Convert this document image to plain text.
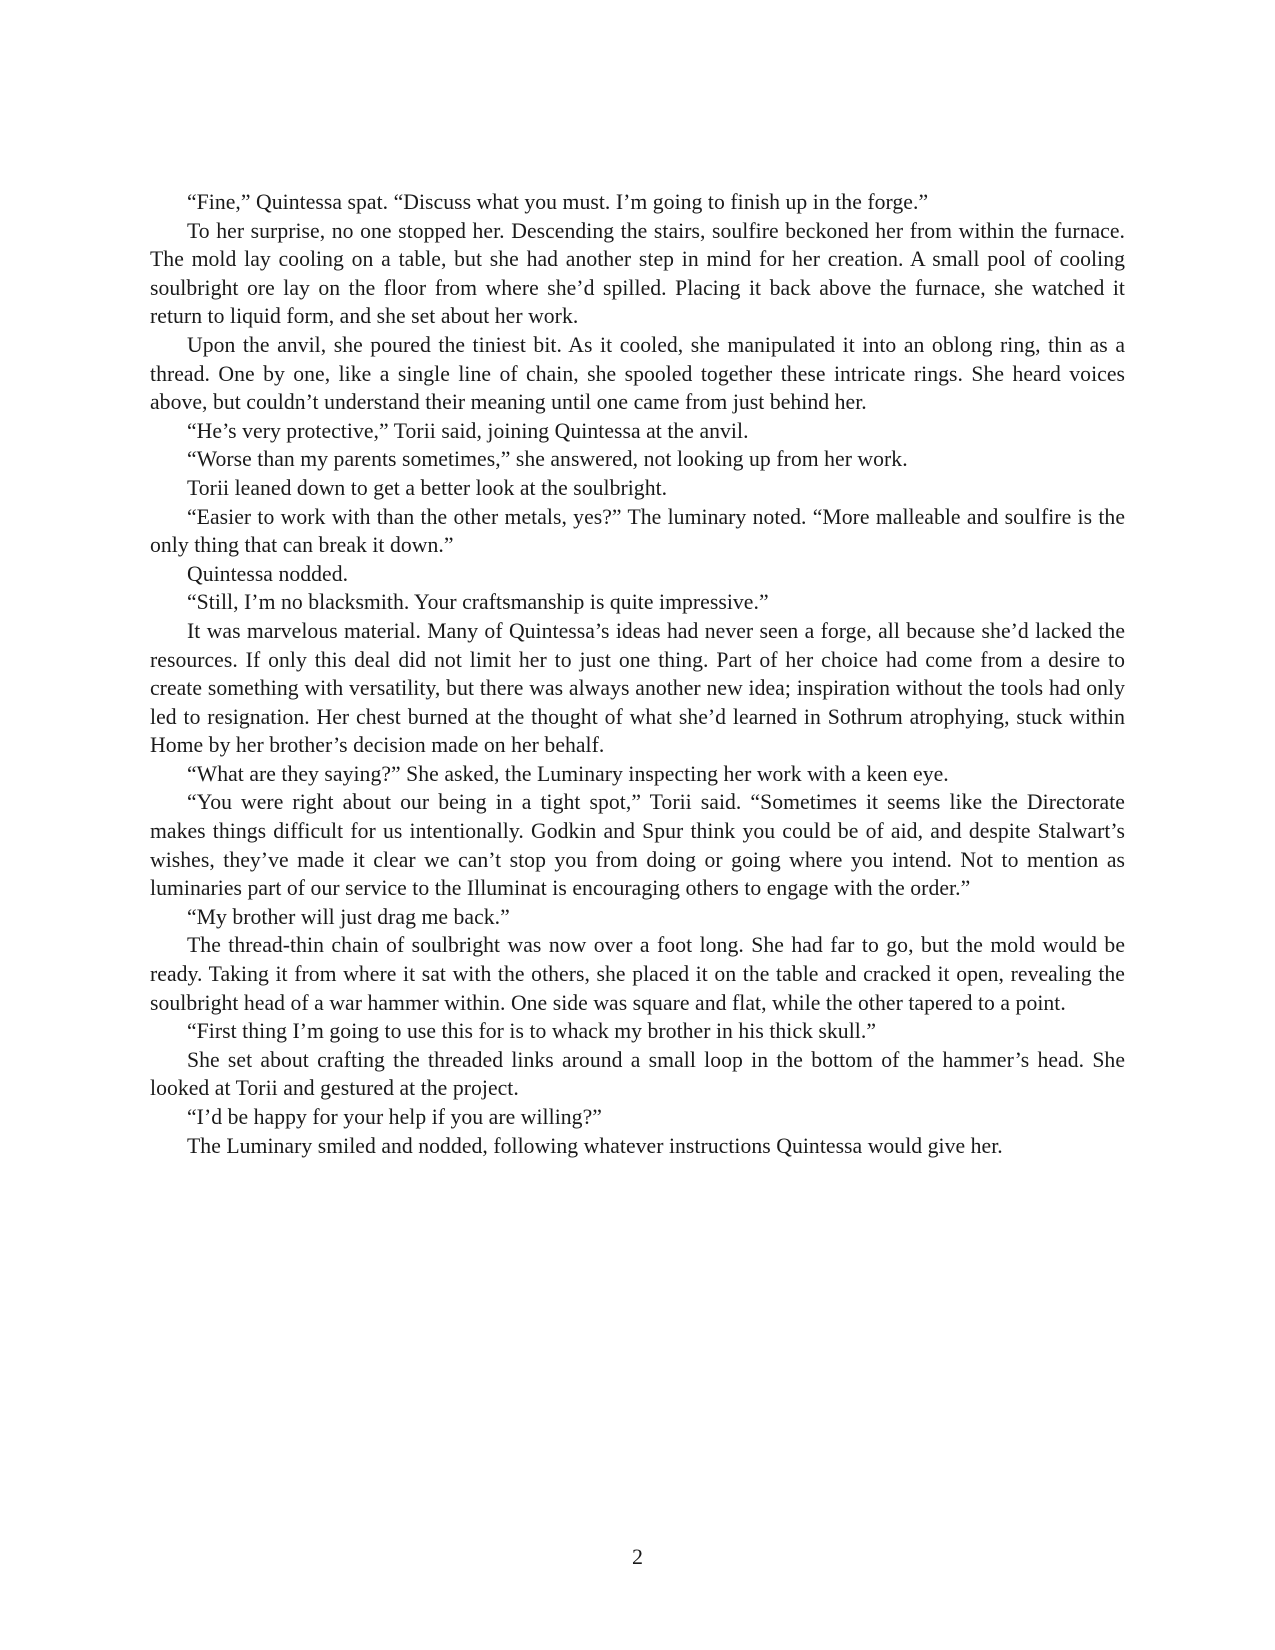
“Fine,” Quintessa spat. “Discuss what you must. I’m going to finish up in the forge.”

To her surprise, no one stopped her. Descending the stairs, soulfire beckoned her from within the furnace. The mold lay cooling on a table, but she had another step in mind for her creation. A small pool of cooling soulbright ore lay on the floor from where she’d spilled. Placing it back above the furnace, she watched it return to liquid form, and she set about her work.

Upon the anvil, she poured the tiniest bit. As it cooled, she manipulated it into an oblong ring, thin as a thread. One by one, like a single line of chain, she spooled together these intricate rings. She heard voices above, but couldn’t understand their meaning until one came from just behind her.

“He’s very protective,” Torii said, joining Quintessa at the anvil.

“Worse than my parents sometimes,” she answered, not looking up from her work.

Torii leaned down to get a better look at the soulbright.

“Easier to work with than the other metals, yes?” The luminary noted. “More malleable and soulfire is the only thing that can break it down.”

Quintessa nodded.

“Still, I’m no blacksmith. Your craftsmanship is quite impressive.”

It was marvelous material. Many of Quintessa’s ideas had never seen a forge, all because she’d lacked the resources. If only this deal did not limit her to just one thing. Part of her choice had come from a desire to create something with versatility, but there was always another new idea; inspiration without the tools had only led to resignation. Her chest burned at the thought of what she’d learned in Sothrum atrophying, stuck within Home by her brother’s decision made on her behalf.

“What are they saying?” She asked, the Luminary inspecting her work with a keen eye.

“You were right about our being in a tight spot,” Torii said. “Sometimes it seems like the Directorate makes things difficult for us intentionally. Godkin and Spur think you could be of aid, and despite Stalwart’s wishes, they’ve made it clear we can’t stop you from doing or going where you intend. Not to mention as luminaries part of our service to the Illuminat is encouraging others to engage with the order.”

“My brother will just drag me back.”

The thread-thin chain of soulbright was now over a foot long. She had far to go, but the mold would be ready. Taking it from where it sat with the others, she placed it on the table and cracked it open, revealing the soulbright head of a war hammer within. One side was square and flat, while the other tapered to a point.

“First thing I’m going to use this for is to whack my brother in his thick skull.”

She set about crafting the threaded links around a small loop in the bottom of the hammer’s head. She looked at Torii and gestured at the project.

“I’d be happy for your help if you are willing?”

The Luminary smiled and nodded, following whatever instructions Quintessa would give her.

2
